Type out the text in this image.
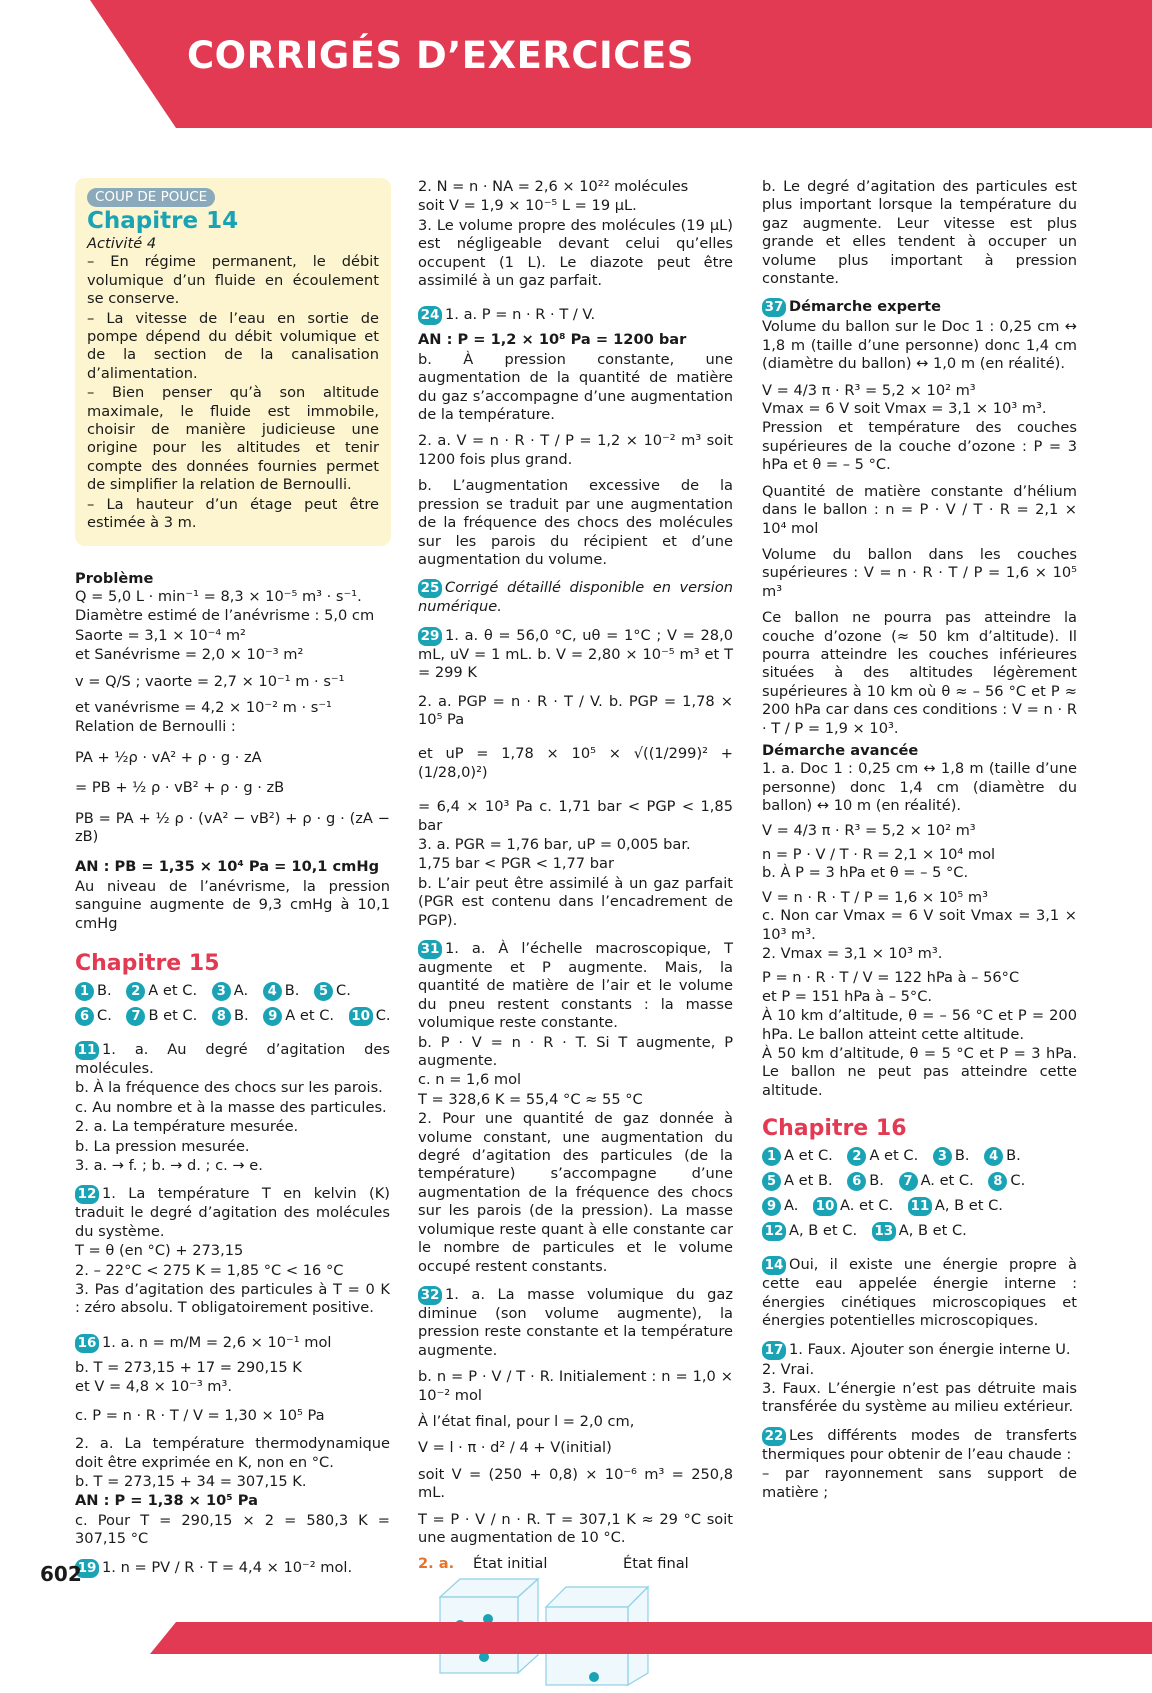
CORRIGÉS D’EXERCICES
COUP DE POUCE
Chapitre 14
Activité 4

– En régime permanent, le débit volumique d’un fluide en écoulement se conserve.

– La vitesse de l’eau en sortie de pompe dépend du débit volumique et de la section de la canalisation d’alimentation.

– Bien penser qu’à son altitude maximale, le fluide est immobile, choisir de manière judicieuse une origine pour les altitudes et tenir compte des données fournies permet de simplifier la relation de Bernoulli.

– La hauteur d’un étage peut être estimée à 3 m.

Problème

Q = 5,0 L · min⁻¹ = 8,3 × 10⁻⁵ m³ · s⁻¹.

Diamètre estimé de l’anévrisme : 5,0 cm

Saorte = 3,1 × 10⁻⁴ m²

et Sanévrisme = 2,0 × 10⁻³ m²

v = Q/S ; vaorte = 2,7 × 10⁻¹ m · s⁻¹

et vanévrisme = 4,2 × 10⁻² m · s⁻¹

Relation de Bernoulli :

PA + ½ρ · vA² + ρ · g · zA

= PB + ½ ρ · vB² + ρ · g · zB

PB = PA + ½ ρ · (vA² − vB²) + ρ · g · (zA − zB)

AN : PB = 1,35 × 10⁴ Pa = 10,1 cmHg

Au niveau de l’anévrisme, la pression sanguine augmente de 9,3 cmHg à 10,1 cmHg

Chapitre 15
1 B. 2 A et C. 3 A. 4 B. 5 C.
6 C. 7 B et C. 8 B. 9 A et C. 10 C.

11 1. a. Au degré d’agitation des molécules.

b. À la fréquence des chocs sur les parois.

c. Au nombre et à la masse des particules.

2. a. La température mesurée.

b. La pression mesurée.

3. a. → f. ; b. → d. ; c. → e.

12 1. La température T en kelvin (K) traduit le degré d’agitation des molécules du système.

T = θ (en °C) + 273,15

2. – 22°C < 275 K = 1,85 °C < 16 °C

3. Pas d’agitation des particules à T = 0 K : zéro absolu. T obligatoirement positive.

16 1. a. n = m/M = 2,6 × 10⁻¹ mol

b. T = 273,15 + 17 = 290,15 K

et V = 4,8 × 10⁻³ m³.

c. P = n · R · T / V = 1,30 × 10⁵ Pa

2. a. La température thermodynamique doit être exprimée en K, non en °C.

b. T = 273,15 + 34 = 307,15 K.

AN : P = 1,38 × 10⁵ Pa

c. Pour T = 290,15 × 2 = 580,3 K = 307,15 °C

19 1. n = PV / R · T = 4,4 × 10⁻² mol.

2. N = n · NA = 2,6 × 10²² molécules

soit V = 1,9 × 10⁻⁵ L = 19 µL.

3. Le volume propre des molécules (19 µL) est négligeable devant celui qu’elles occupent (1 L). Le diazote peut être assimilé à un gaz parfait.

24 1. a. P = n · R · T / V.

AN : P = 1,2 × 10⁸ Pa = 1200 bar

b. À pression constante, une augmentation de la quantité de matière du gaz s’accompagne d’une augmentation de la température.

2. a. V = n · R · T / P = 1,2 × 10⁻² m³ soit 1200 fois plus grand.

b. L’augmentation excessive de la pression se traduit par une augmentation de la fréquence des chocs des molécules sur les parois du récipient et d’une augmentation du volume.

25 Corrigé détaillé disponible en version numérique.

29 1. a. θ = 56,0 °C, uθ = 1°C ; V = 28,0 mL, uV = 1 mL. b. V = 2,80 × 10⁻⁵ m³ et T = 299 K

2. a. PGP = n · R · T / V. b. PGP = 1,78 × 10⁵ Pa

et uP = 1,78 × 10⁵ × √((1/299)² + (1/28,0)²)

= 6,4 × 10³ Pa c. 1,71 bar < PGP < 1,85 bar

3. a. PGR = 1,76 bar, uP = 0,005 bar.

1,75 bar < PGR < 1,77 bar

b. L’air peut être assimilé à un gaz parfait (PGR est contenu dans l’encadrement de PGP).

31 1. a. À l’échelle macroscopique, T augmente et P augmente. Mais, la quantité de matière de l’air et le volume du pneu restent constants : la masse volumique reste constante.

b. P · V = n · R · T. Si T augmente, P augmente.

c. n = 1,6 mol

T = 328,6 K = 55,4 °C ≈ 55 °C

2. Pour une quantité de gaz donnée à volume constant, une augmentation du degré d’agitation des particules (de la température) s’accompagne d’une augmentation de la fréquence des chocs sur les parois (de la pression). La masse volumique reste quant à elle constante car le nombre de particules et le volume occupé restent constants.

32 1. a. La masse volumique du gaz diminue (son volume augmente), la pression reste constante et la température augmente.

b. n = P · V / T · R. Initialement : n = 1,0 × 10⁻² mol

À l’état final, pour l = 2,0 cm,

V = l · π · d² / 4 + V(initial)

soit V = (250 + 0,8) × 10⁻⁶ m³ = 250,8 mL.

T = P · V / n · R. T = 307,1 K ≈ 29 °C soit une augmentation de 10 °C.

2. a. État initial	État final

b. Le degré d’agitation des particules est plus important lorsque la température du gaz augmente. Leur vitesse est plus grande et elles tendent à occuper un volume plus important à pression constante.

37 Démarche experte

Volume du ballon sur le Doc 1 : 0,25 cm ↔ 1,8 m (taille d’une personne) donc 1,4 cm (diamètre du ballon) ↔ 1,0 m (en réalité).

V = 4/3 π · R³ = 5,2 × 10² m³

Vmax = 6 V soit Vmax = 3,1 × 10³ m³.

Pression et température des couches supérieures de la couche d’ozone : P = 3 hPa et θ = – 5 °C.

Quantité de matière constante d’hélium dans le ballon : n = P · V / T · R = 2,1 × 10⁴ mol

Volume du ballon dans les couches supérieures : V = n · R · T / P = 1,6 × 10⁵ m³

Ce ballon ne pourra pas atteindre la couche d’ozone (≈ 50 km d’altitude). Il pourra atteindre les couches inférieures situées à des altitudes légèrement supérieures à 10 km où θ ≈ – 56 °C et P ≈ 200 hPa car dans ces conditions : V = n · R · T / P = 1,9 × 10³.

Démarche avancée

1. a. Doc 1 : 0,25 cm ↔ 1,8 m (taille d’une personne) donc 1,4 cm (diamètre du ballon) ↔ 10 m (en réalité).

V = 4/3 π · R³ = 5,2 × 10² m³

n = P · V / T · R = 2,1 × 10⁴ mol

b. À P = 3 hPa et θ = – 5 °C.

V = n · R · T / P = 1,6 × 10⁵ m³

c. Non car Vmax = 6 V soit Vmax = 3,1 × 10³ m³.

2. Vmax = 3,1 × 10³ m³.

P = n · R · T / V = 122 hPa à – 56°C

et P = 151 hPa à – 5°C.

À 10 km d’altitude, θ = – 56 °C et P = 200 hPa. Le ballon atteint cette altitude.

À 50 km d’altitude, θ = 5 °C et P = 3 hPa. Le ballon ne peut pas atteindre cette altitude.

Chapitre 16
1 A et C. 2 A et C. 3 B. 4 B.
5 A et B. 6 B. 7 A. et C. 8 C.
9 A. 10 A. et C. 11 A, B et C.
12 A, B et C. 13 A, B et C.

14 Oui, il existe une énergie propre à cette eau appelée énergie interne : énergies cinétiques microscopiques et énergies potentielles microscopiques.

17 1. Faux. Ajouter son énergie interne U.

2. Vrai.

3. Faux. L’énergie n’est pas détruite mais transférée du système au milieu extérieur.

22 Les différents modes de transferts thermiques pour obtenir de l’eau chaude :

– par rayonnement sans support de matière ;

602
